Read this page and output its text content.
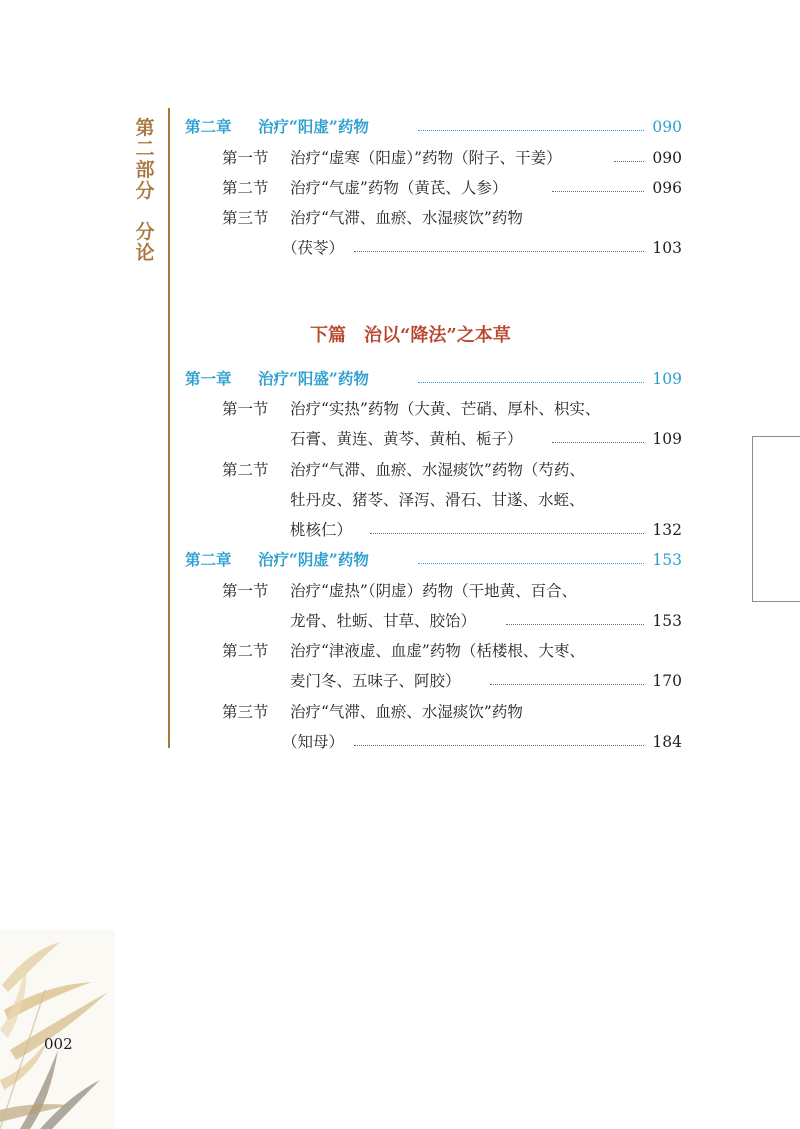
第
二
部
分
分
论
第二章 治疗“阳虚”药物	090
第一节 治疗“虚寒（阳虚）”药物（附子、干姜）	090
第二节 治疗“气虚”药物（黄芪、人参）	096
第三节 治疗“气滞、血瘀、水湿痰饮”药物
（茯苓）	103
下篇　治以“降法”之本草
第一章 治疗“阳盛”药物	109
第一节 治疗“实热”药物（大黄、芒硝、厚朴、枳实、
石膏、黄连、黄芩、黄柏、栀子）	109
第二节 治疗“气滞、血瘀、水湿痰饮”药物（芍药、
牡丹皮、猪苓、泽泻、滑石、甘遂、水蛭、
桃核仁）	132
第二章 治疗“阴虚”药物	153
第一节 治疗“虚热”（阴虚）药物（干地黄、百合、
龙骨、牡蛎、甘草、胶饴）	153
第二节 治疗“津液虚、血虚”药物（栝楼根、大枣、
麦门冬、五味子、阿胶）	170
第三节 治疗“气滞、血瘀、水湿痰饮”药物
（知母）	184
002
